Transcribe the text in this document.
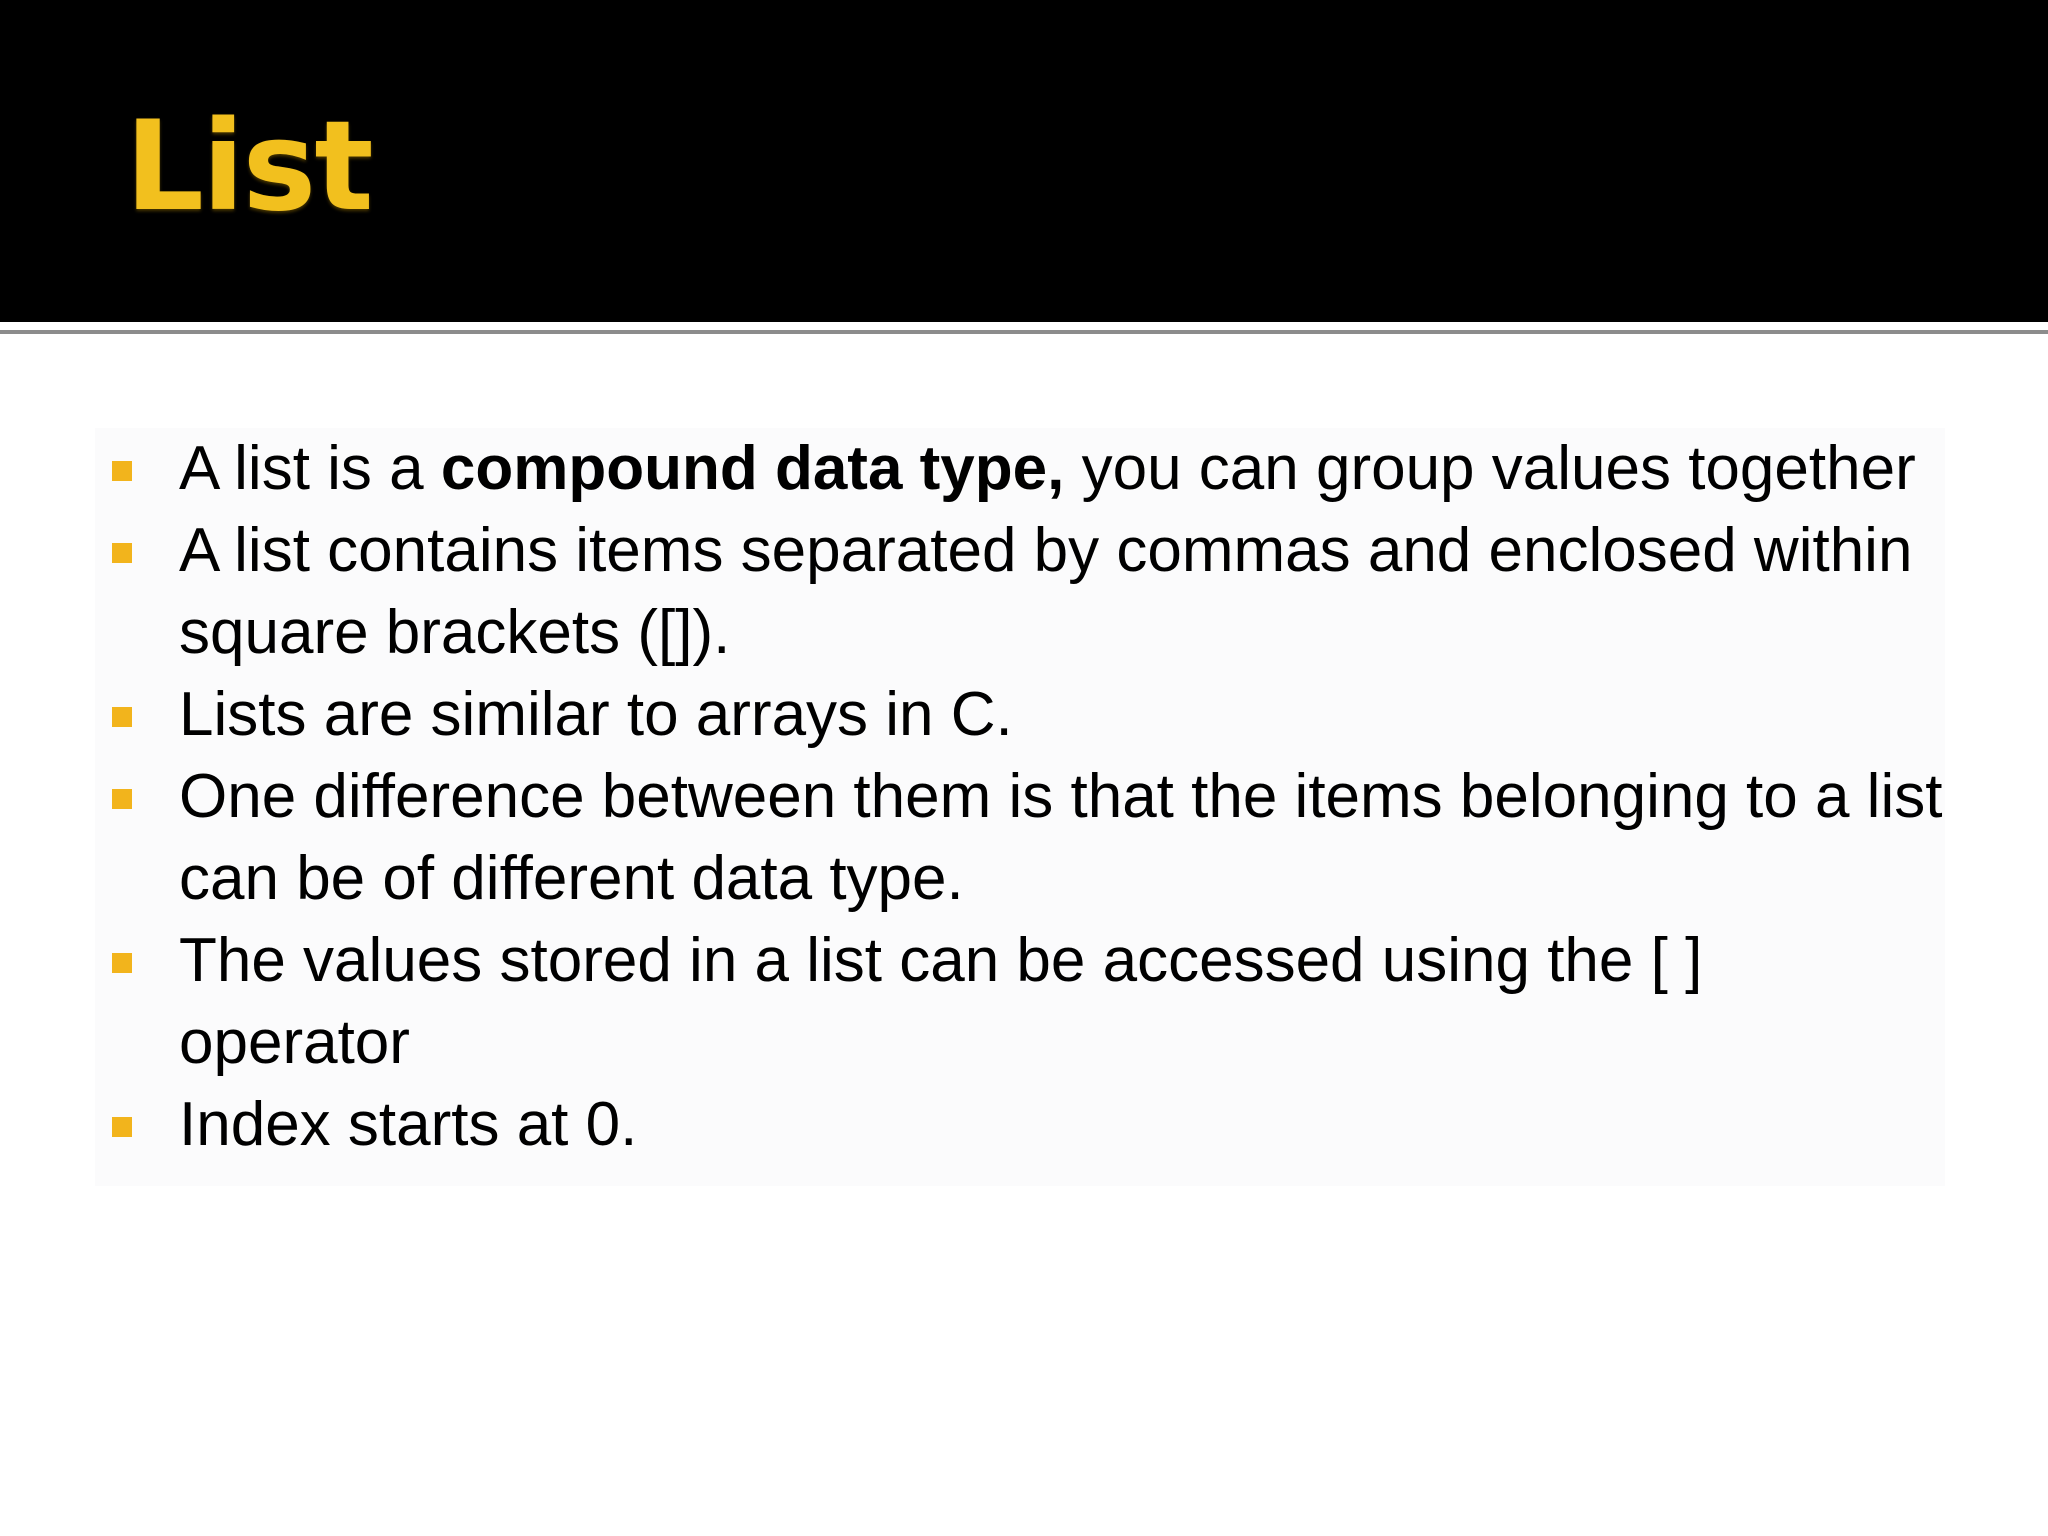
List
A list is a compound data type, you can group values together
A list contains items separated by commas and enclosed within square brackets ([]).
Lists are similar to arrays in C.
One difference between them is that the items belonging to a list can be of different data type.
The values stored in a list can be accessed using the [ ] operator
Index starts at 0.
